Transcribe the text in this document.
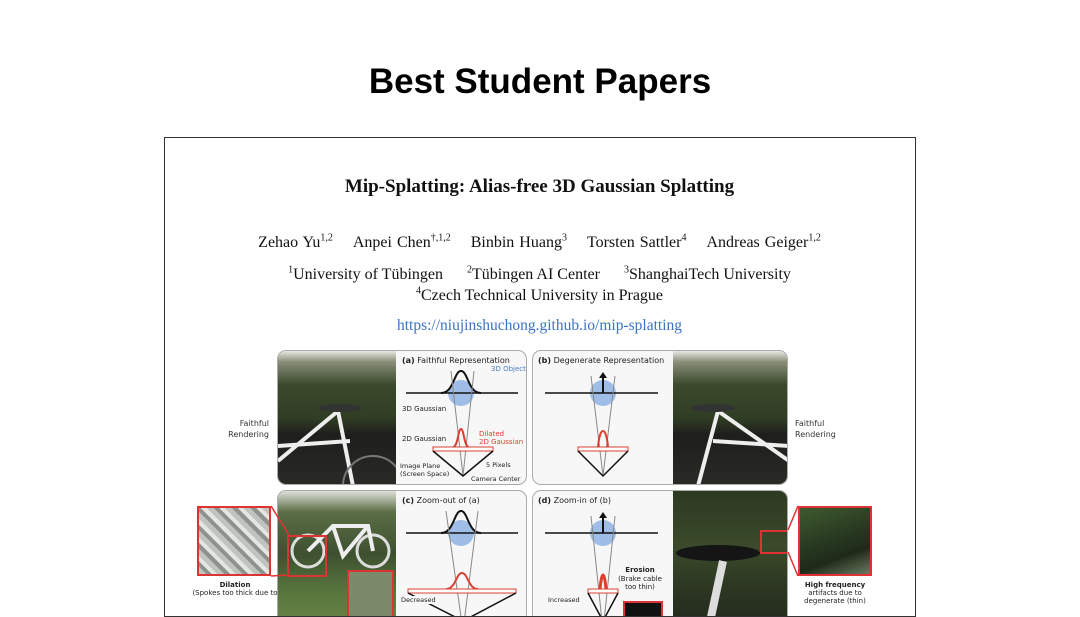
Best Student Papers
Mip-Splatting: Alias-free 3D Gaussian Splatting
Zehao Yu$^{1,2}$ Anpei Chen$^{\dagger,1,2}$ Binbin Huang$^3$ Torsten Sattler$^4$ Andreas Geiger$^{1,2}$
$^1$University of Tübingen $^2$Tübingen AI Center $^3$ShanghaiTech University
$^4$Czech Technical University in Prague
https://niujinshuchong.github.io/mip-splatting
Faithful
Rendering
Faithful
Rendering
(a) Faithful Representation
3D Object
3D Gaussian
2D Gaussian
Dilated
2D Gaussian
Image Plane
(Screen Space)
5 Pixels
Camera Center
(b) Degenerate Representation
(c) Zoom-out of (a)
Decreased
(d) Zoom-in of (b)
Increased
Erosion
(Brake cable
too thin)
Dilation
(Spokes too thick due to
High frequency
artifacts due to
degenerate (thin)
